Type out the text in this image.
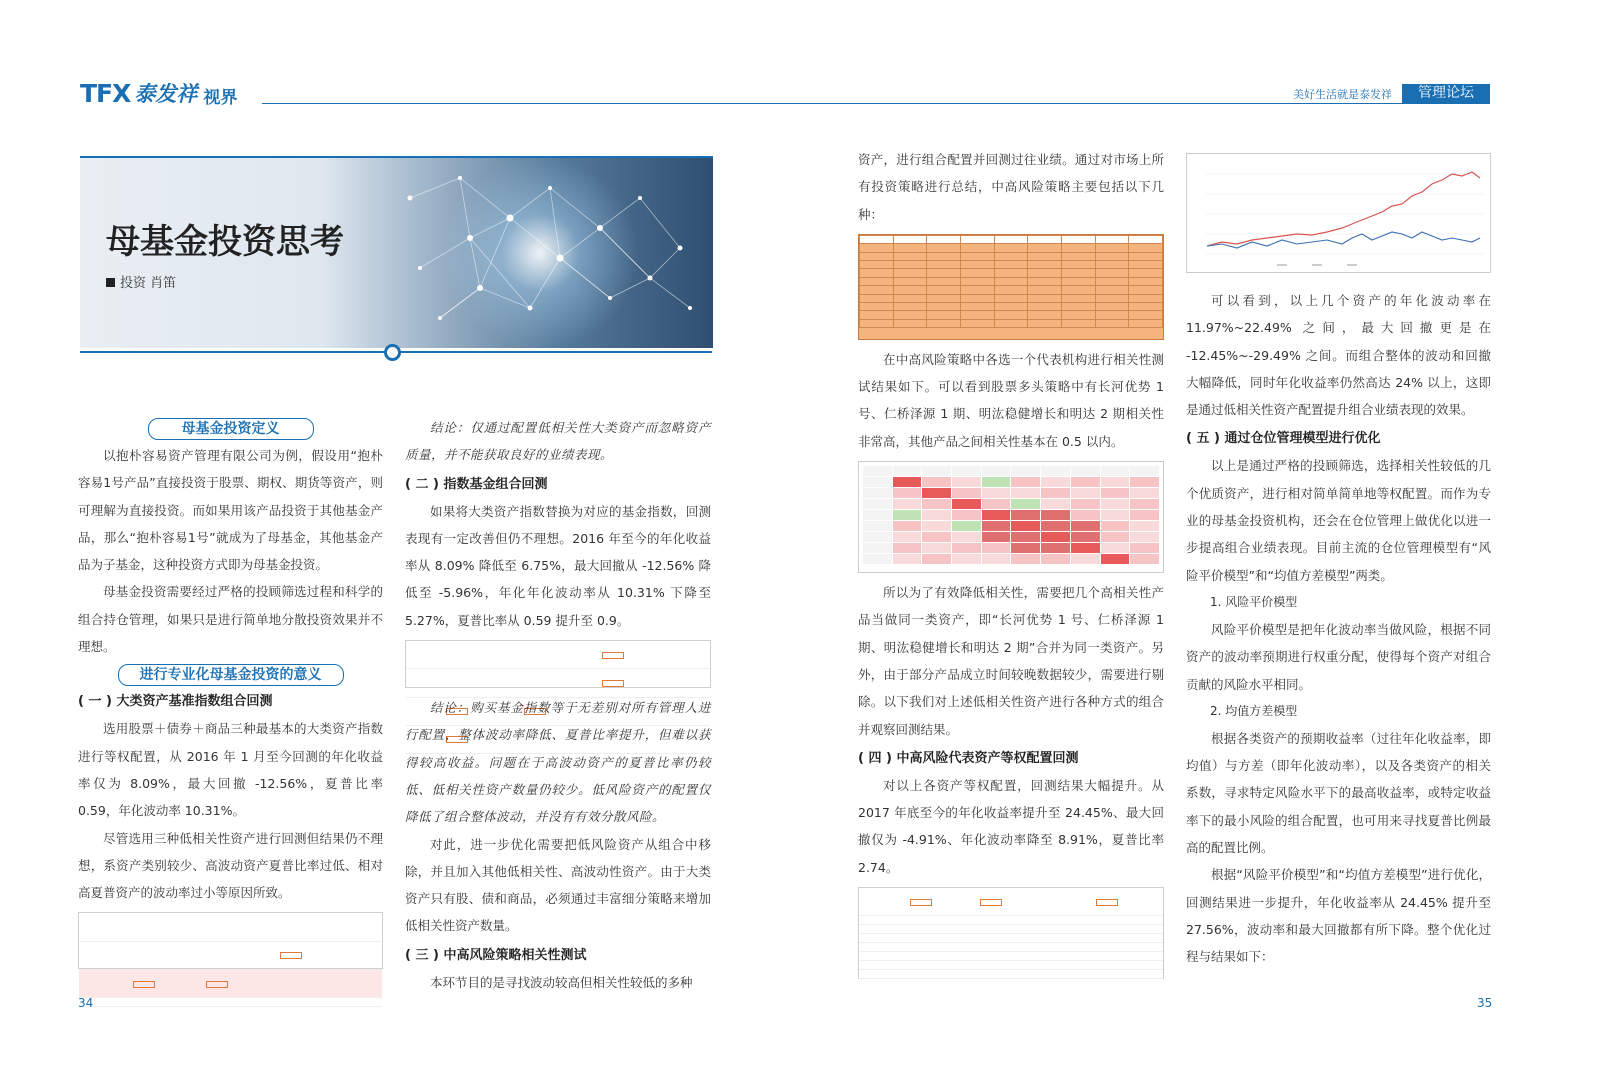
TFX 泰发祥 视界	美好生活就是泰发祥	管理论坛
母基金投资思考
投资 肖笛
母基金投资定义

以抱朴容易资产管理有限公司为例，假设用“抱朴容易1号产品”直接投资于股票、期权、期货等资产，则可理解为直接投资。而如果用该产品投资于其他基金产品，那么“抱朴容易1号”就成为了母基金，其他基金产品为子基金，这种投资方式即为母基金投资。

母基金投资需要经过严格的投顾筛选过程和科学的组合持仓管理，如果只是进行简单地分散投资效果并不理想。

进行专业化母基金投资的意义
( 一 ) 大类资产基准指数组合回测

选用股票＋债券＋商品三种最基本的大类资产指数进行等权配置，从 2016 年 1 月至今回测的年化收益率仅为 8.09%，最大回撤 -12.56%，夏普比率 0.59，年化波动率 10.31%。

尽管选用三种低相关性资产进行回测但结果仍不理想，系资产类别较少、高波动资产夏普比率过低、相对高夏普资产的波动率过小等原因所致。

结论：仅通过配置低相关性大类资产而忽略资产质量，并不能获取良好的业绩表现。

( 二 ) 指数基金组合回测

如果将大类资产指数替换为对应的基金指数，回测表现有一定改善但仍不理想。2016 年至今的年化收益率从 8.09% 降低至 6.75%，最大回撤从 -12.56% 降低至 -5.96%，年化年化波动率从 10.31% 下降至 5.27%，夏普比率从 0.59 提升至 0.9。

结论：购买基金指数等于无差别对所有管理人进行配置，整体波动率降低、夏普比率提升，但难以获得较高收益。问题在于高波动资产的夏普比率仍较低、低相关性资产数量仍较少。低风险资产的配置仅降低了组合整体波动，并没有有效分散风险。

对此，进一步优化需要把低风险资产从组合中移除，并且加入其他低相关性、高波动性资产。由于大类资产只有股、债和商品，必须通过丰富细分策略来增加低相关性资产数量。

( 三 ) 中高风险策略相关性测试

本环节目的是寻找波动较高但相关性较低的多种

34

资产，进行组合配置并回测过往业绩。通过对市场上所有投资策略进行总结，中高风险策略主要包括以下几种：

在中高风险策略中各选一个代表机构进行相关性测试结果如下。可以看到股票多头策略中有长河优势 1 号、仁桥泽源 1 期、明汯稳健增长和明达 2 期相关性非常高，其他产品之间相关性基本在 0.5 以内。

所以为了有效降低相关性，需要把几个高相关性产品当做同一类资产，即“长河优势 1 号、仁桥泽源 1 期、明汯稳健增长和明达 2 期”合并为同一类资产。另外，由于部分产品成立时间较晚数据较少，需要进行剔除。以下我们对上述低相关性资产进行各种方式的组合并观察回测结果。

( 四 ) 中高风险代表资产等权配置回测

对以上各资产等权配置，回测结果大幅提升。从 2017 年底至今的年化收益率提升至 24.45%、最大回撤仅为 -4.91%、年化波动率降至 8.91%，夏普比率 2.74。

可以看到，以上几个资产的年化波动率在 11.97%~22.49% 之间，最大回撤更是在 -12.45%~-29.49% 之间。而组合整体的波动和回撤大幅降低，同时年化收益率仍然高达 24% 以上，这即是通过低相关性资产配置提升组合业绩表现的效果。

( 五 ) 通过仓位管理模型进行优化

以上是通过严格的投顾筛选，选择相关性较低的几个优质资产，进行相对简单简单地等权配置。而作为专业的母基金投资机构，还会在仓位管理上做优化以进一步提高组合业绩表现。目前主流的仓位管理模型有“风险平价模型”和“均值方差模型”两类。

1. 风险平价模型

风险平价模型是把年化波动率当做风险，根据不同资产的波动率预期进行权重分配，使得每个资产对组合贡献的风险水平相同。

2. 均值方差模型

根据各类资产的预期收益率（过往年化收益率，即均值）与方差（即年化波动率），以及各类资产的相关系数，寻求特定风险水平下的最高收益率，或特定收益率下的最小风险的组合配置，也可用来寻找夏普比例最高的配置比例。

根据“风险平价模型”和“均值方差模型”进行优化，回测结果进一步提升，年化收益率从 24.45% 提升至 27.56%，波动率和最大回撤都有所下降。整个优化过程与结果如下：

35
